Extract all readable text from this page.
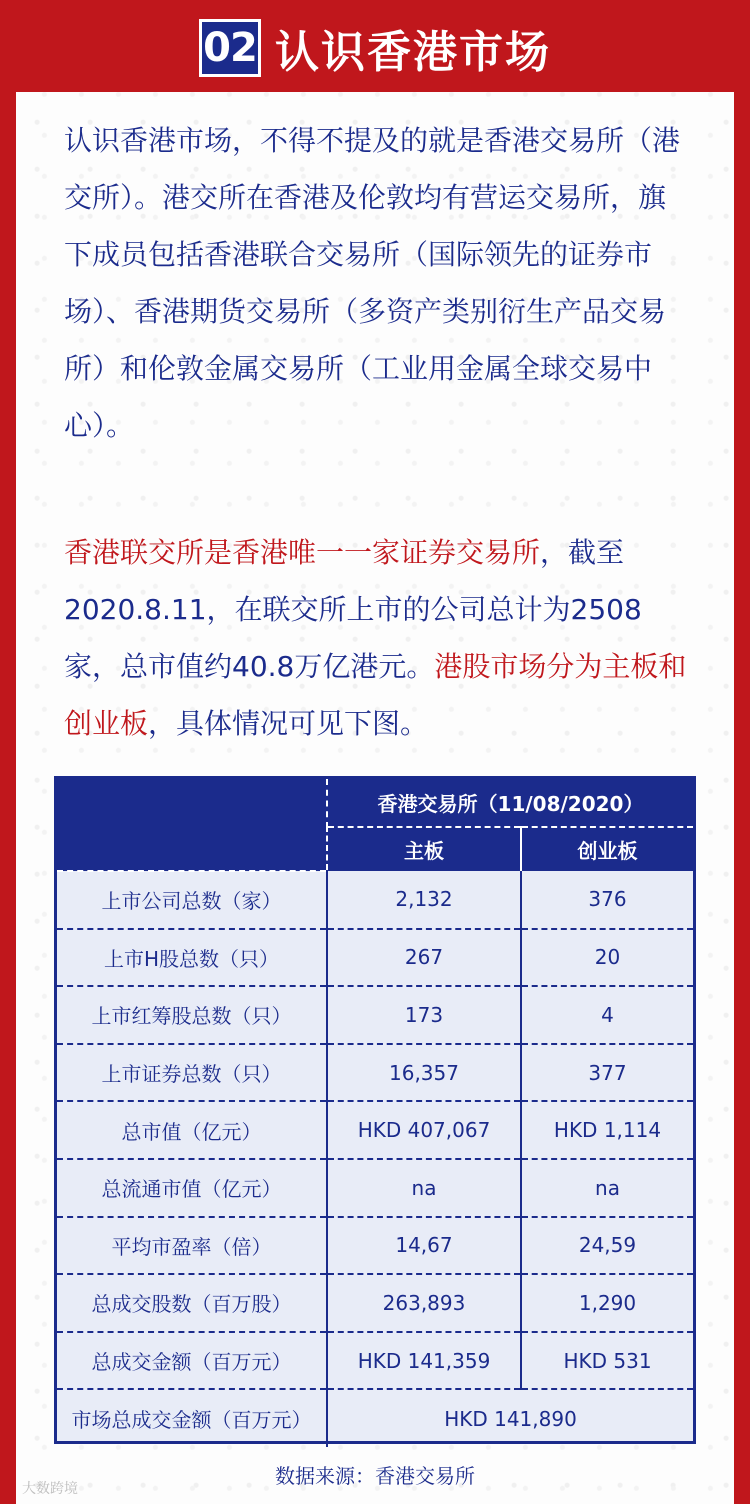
02 认识香港市场
认识香港市场，不得不提及的就是香港交易所（港交所）。港交所在香港及伦敦均有营运交易所，旗下成员包括香港联合交易所（国际领先的证券市场）、香港期货交易所（多资产类别衍生产品交易所）和伦敦金属交易所（工业用金属全球交易中心）。
香港联交所是香港唯一一家证券交易所，截至2020.8.11，在联交所上市的公司总计为2508家，总市值约40.8万亿港元。港股市场分为主板和创业板，具体情况可见下图。
	香港交易所（11/08/2020）	
	主板	创业板
上市公司总数（家）	2,132	376
上市H股总数（只）	267	20
上市红筹股总数（只）	173	4
上市证券总数（只）	16,357	377
总市值（亿元）	HKD 407,067	HKD 1,114
总流通市值（亿元）	na	na
平均市盈率（倍）	14,67	24,59
总成交股数（百万股）	263,893	1,290
总成交金额（百万元）	HKD 141,359	HKD 531
市场总成交金额（百万元）	HKD 141,890	
数据来源：香港交易所
大数跨境
